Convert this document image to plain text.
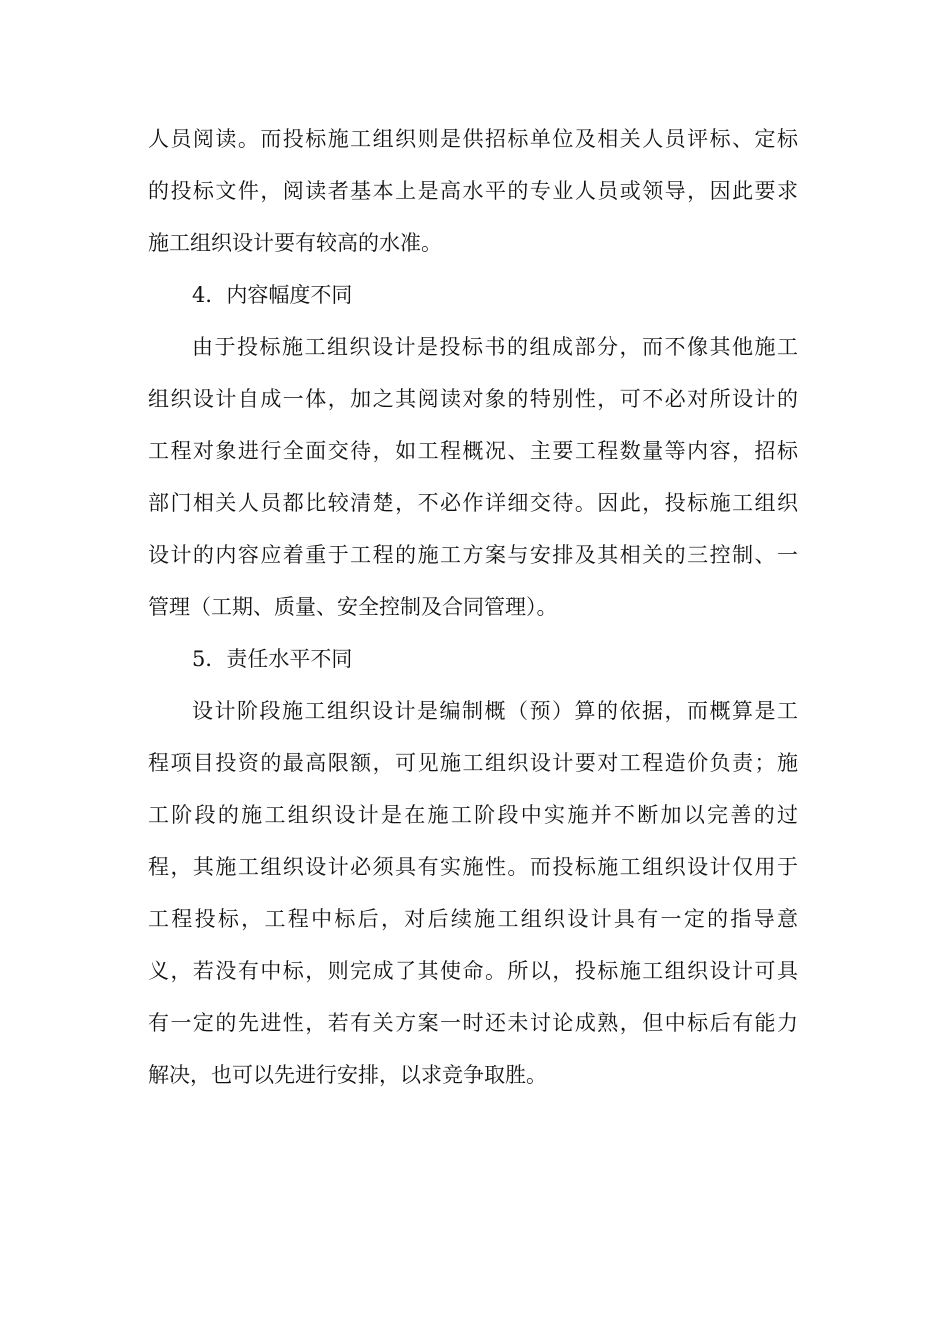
人员阅读。而投标施工组织则是供招标单位及相关人员评标、定标
的投标文件，阅读者基本上是高水平的专业人员或领导，因此要求
施工组织设计要有较高的水准。
4．内容幅度不同
由于投标施工组织设计是投标书的组成部分，而不像其他施工
组织设计自成一体，加之其阅读对象的特别性，可不必对所设计的
工程对象进行全面交待，如工程概况、主要工程数量等内容，招标
部门相关人员都比较清楚，不必作详细交待。因此，投标施工组织
设计的内容应着重于工程的施工方案与安排及其相关的三控制、一
管理（工期、质量、安全控制及合同管理）。
5．责任水平不同
设计阶段施工组织设计是编制概（预）算的依据，而概算是工
程项目投资的最高限额，可见施工组织设计要对工程造价负责；施
工阶段的施工组织设计是在施工阶段中实施并不断加以完善的过
程，其施工组织设计必须具有实施性。而投标施工组织设计仅用于
工程投标，工程中标后，对后续施工组织设计具有一定的指导意
义，若没有中标，则完成了其使命。所以，投标施工组织设计可具
有一定的先进性，若有关方案一时还未讨论成熟，但中标后有能力
解决，也可以先进行安排，以求竞争取胜。
